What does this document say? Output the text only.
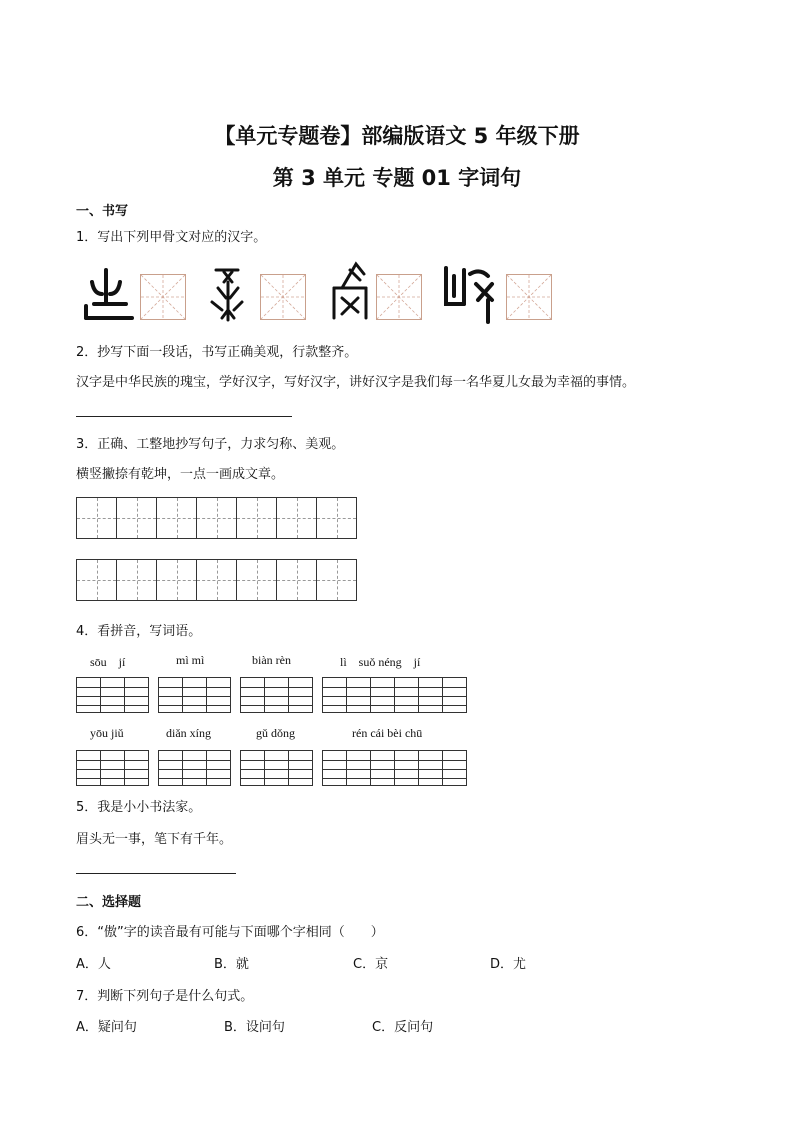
【单元专题卷】部编版语文 5 年级下册
第 3 单元 专题 01 字词句
一、书写
1．写出下列甲骨文对应的汉字。
2．抄写下面一段话，书写正确美观，行款整齐。
汉字是中华民族的瑰宝，学好汉字，写好汉字，讲好汉字是我们每一名华夏儿女最为幸福的事情。
3．正确、工整地抄写句子，力求匀称、美观。
横竖撇捺有乾坤，一点一画成文章。
4．看拼音，写词语。
sōu　jí	mì mì	biàn rèn	lì　suǒ néng　jí
yōu jiǔ	diǎn xíng	gǔ dǒng	rén cái bèi chū
5．我是小小书法家。
眉头无一事，笔下有千年。
二、选择题
6．“傲”字的读音最有可能与下面哪个字相同（　　）
A．人	B．就	C．京	D．尤
7．判断下列句子是什么句式。
A．疑问句	B．设问句	C．反问句
